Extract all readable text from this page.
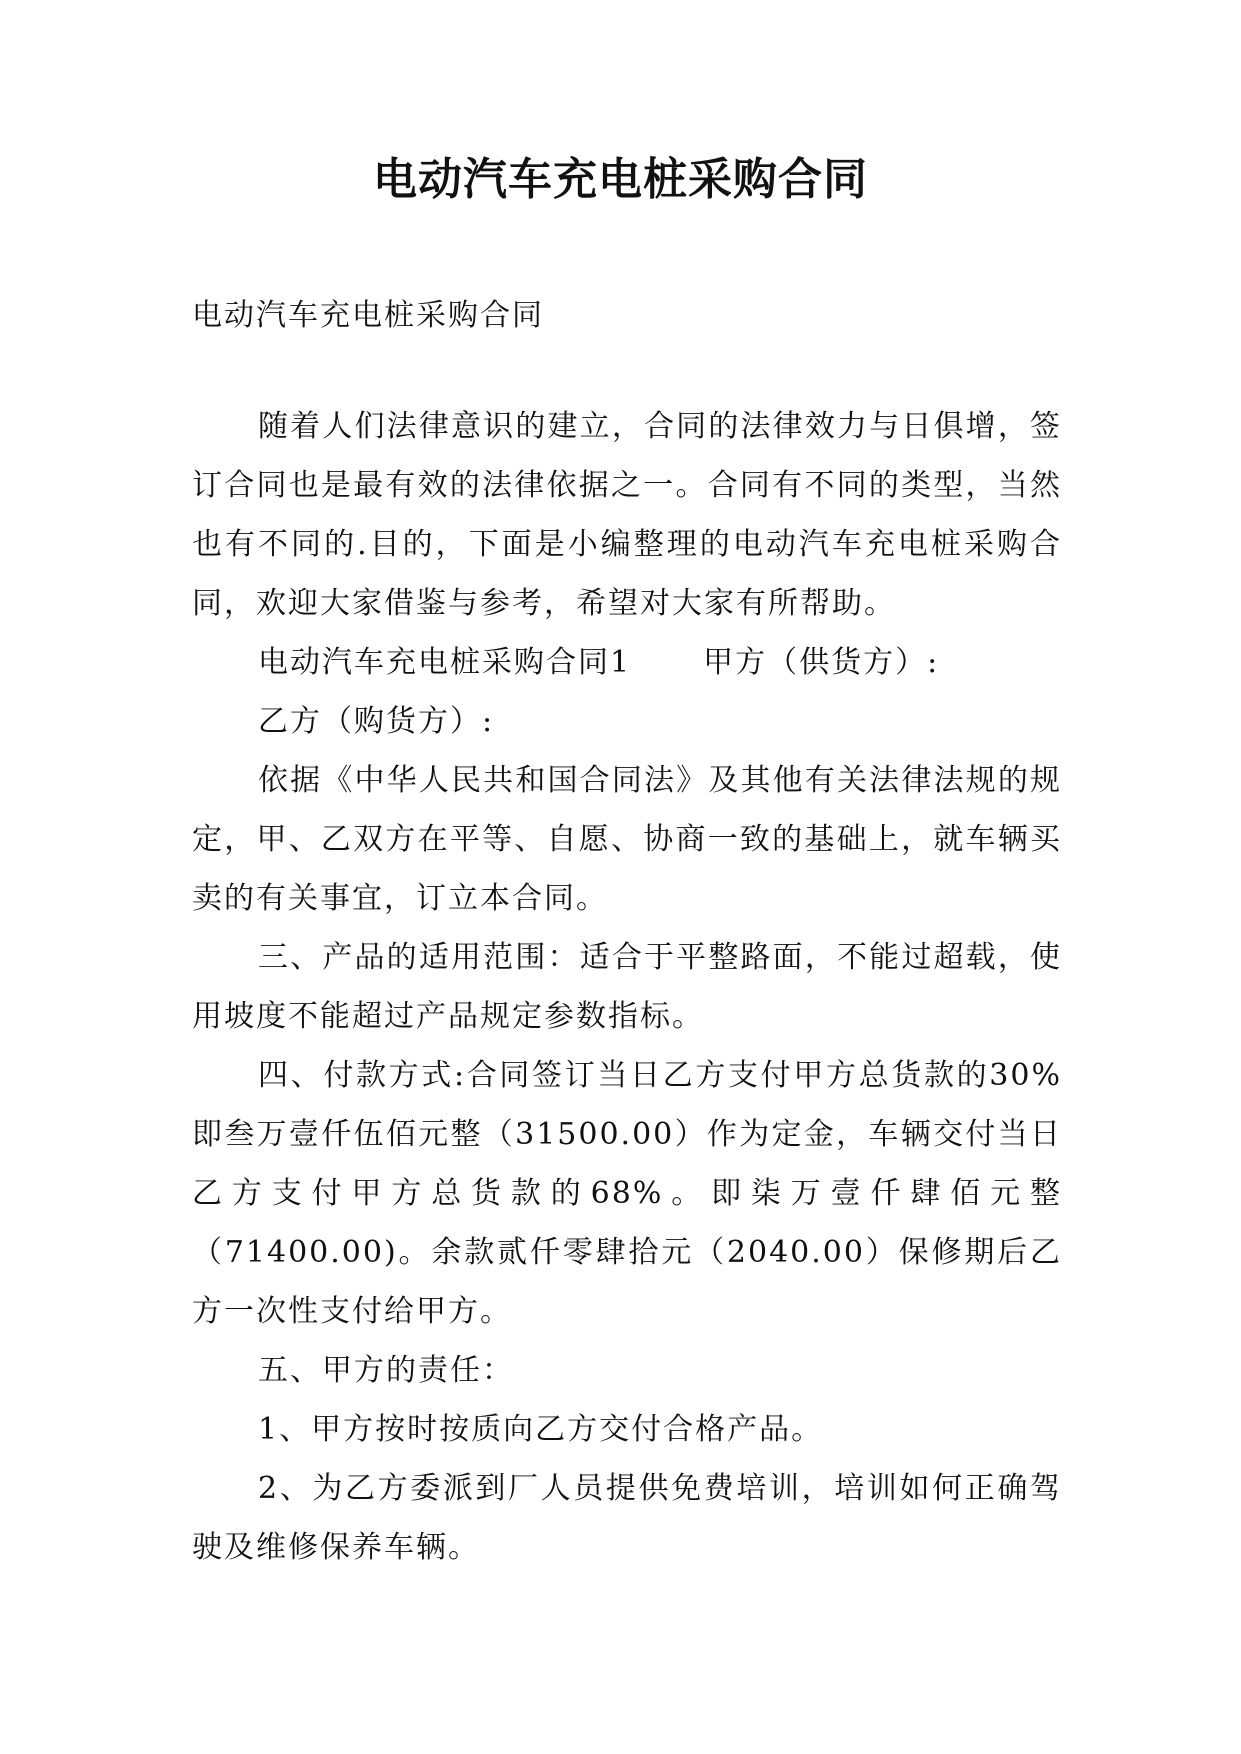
电动汽车充电桩采购合同

电动汽车充电桩采购合同

随着人们法律意识的建立，合同的法律效力与日俱增，签订合同也是最有效的法律依据之一。合同有不同的类型，当然也有不同的.目的，下面是小编整理的电动汽车充电桩采购合同，欢迎大家借鉴与参考，希望对大家有所帮助。

电动汽车充电桩采购合同1 甲方（供货方）:

乙方（购货方）:

依据《中华人民共和国合同法》及其他有关法律法规的规定，甲、乙双方在平等、自愿、协商一致的基础上，就车辆买卖的有关事宜，订立本合同。

三、产品的适用范围：适合于平整路面，不能过超载，使用坡度不能超过产品规定参数指标。

四、付款方式:合同签订当日乙方支付甲方总货款的30%即叁万壹仟伍佰元整（31500.00）作为定金，车辆交付当日乙方支付甲方总货款的68%。即柒万壹仟肆佰元整（71400.00)。余款贰仟零肆拾元（2040.00）保修期后乙方一次性支付给甲方。

五、甲方的责任：

1、甲方按时按质向乙方交付合格产品。

2、为乙方委派到厂人员提供免费培训，培训如何正确驾驶及维修保养车辆。
